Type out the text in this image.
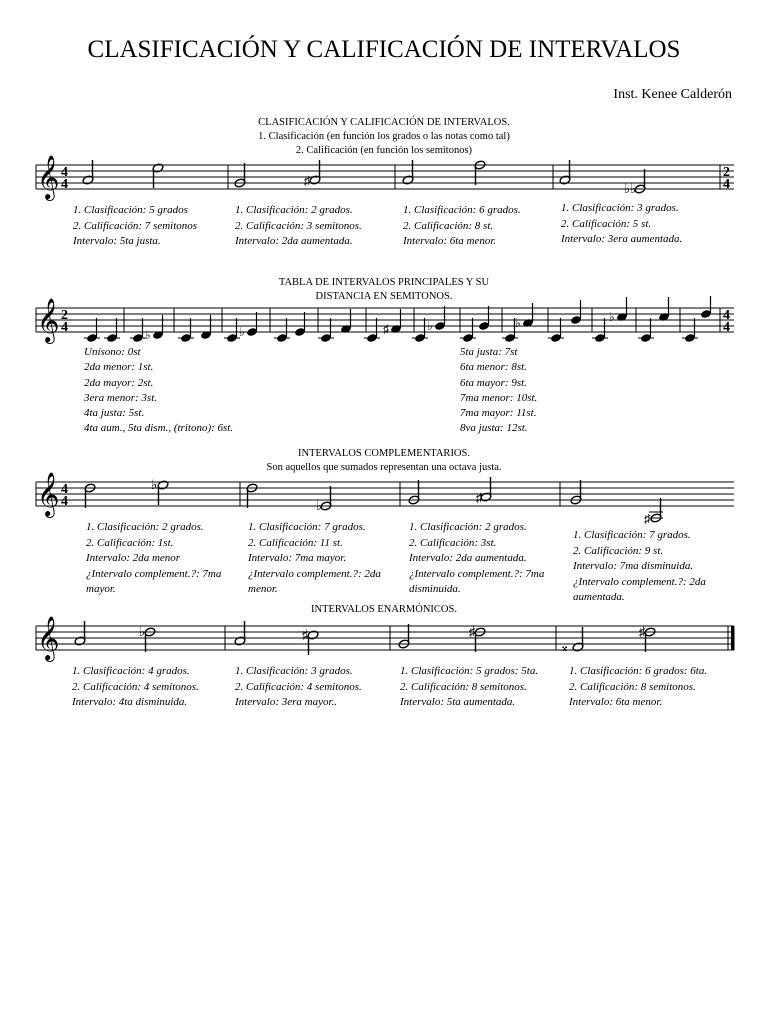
CLASIFICACIÓN Y CALIFICACIÓN DE INTERVALOS
Inst. Kenee Calderón
CLASIFICACIÓN Y CALIFICACIÓN DE INTERVALOS.
1. Clasificación (en función los grados o las notas como tal)
2. Calificación (en función los semitonos)
𝄞 4
4
2
4
♯
♭♭
1. Clasificación: 5 grados
2. Calificación: 7 semitonos
Intervalo: 5ta justa.
1. Clasificación: 2 grados.
2. Calificación: 3 semitonos.
Intervalo: 2da aumentada.
1. Clasificación: 6 grados.
2. Calificación: 8 st.
Intervalo: 6ta menor.
1. Clasificación: 3 grados.
2. Calificación: 5 st.
Intervalo: 3era aumentada.
TABLA DE INTERVALOS PRINCIPALES Y SU
DISTANCIA EN SEMITONOS.
𝄞 2
4
4
4
♭	♭	♯	♭	♭	♭
Unísono: 0st
2da menor: 1st.
2da mayor: 2st.
3era menor: 3st.
4ta justa: 5st.
4ta aum., 5ta dism., (tritono): 6st.
5ta justa: 7st
6ta menor: 8st.
6ta mayor: 9st.
7ma menor: 10st.
7ma mayor: 11st.
8va justa: 12st.
INTERVALOS COMPLEMENTARIOS.
Son aquellos que sumados representan una octava justa.
𝄞 4
4
♭
♭
♯
♯
1. Clasificación: 2 grados.
2. Calificación: 1st.
Intervalo: 2da menor
¿Intervalo complement.?: 7ma
mayor.
1. Clasificación: 7 grados.
2. Calificación: 11 st.
Intervalo: 7ma mayor.
¿Intervalo complement.?: 2da
menor.
1. Clasificación: 2 grados.
2. Calificación: 3st.
Intervalo: 2da aumentada.
¿Intervalo complement.?: 7ma
disminuida.
1. Clasificación: 7 grados.
2. Calificación: 9 st.
Intervalo: 7ma disminuida.
¿Intervalo complement.?: 2da
aumentada.
INTERVALOS ENARMÓNICOS.
𝄞	♭	♯	♯
𝄪
♯
1. Clasificación: 4 grados.
2. Calificación: 4 semitonos.
Intervalo: 4ta disminuida.
1. Clasificación: 3 grados.
2. Calificación: 4 semitonos.
Intervalo: 3era mayor..
1. Clasificación: 5 grados: 5ta.
2. Calificación: 8 semitonos.
Intervalo: 5ta aumentada.
1. Clasificación: 6 grados: 6ta.
2. Calificación: 8 semitonos.
Intervalo: 6ta menor.
